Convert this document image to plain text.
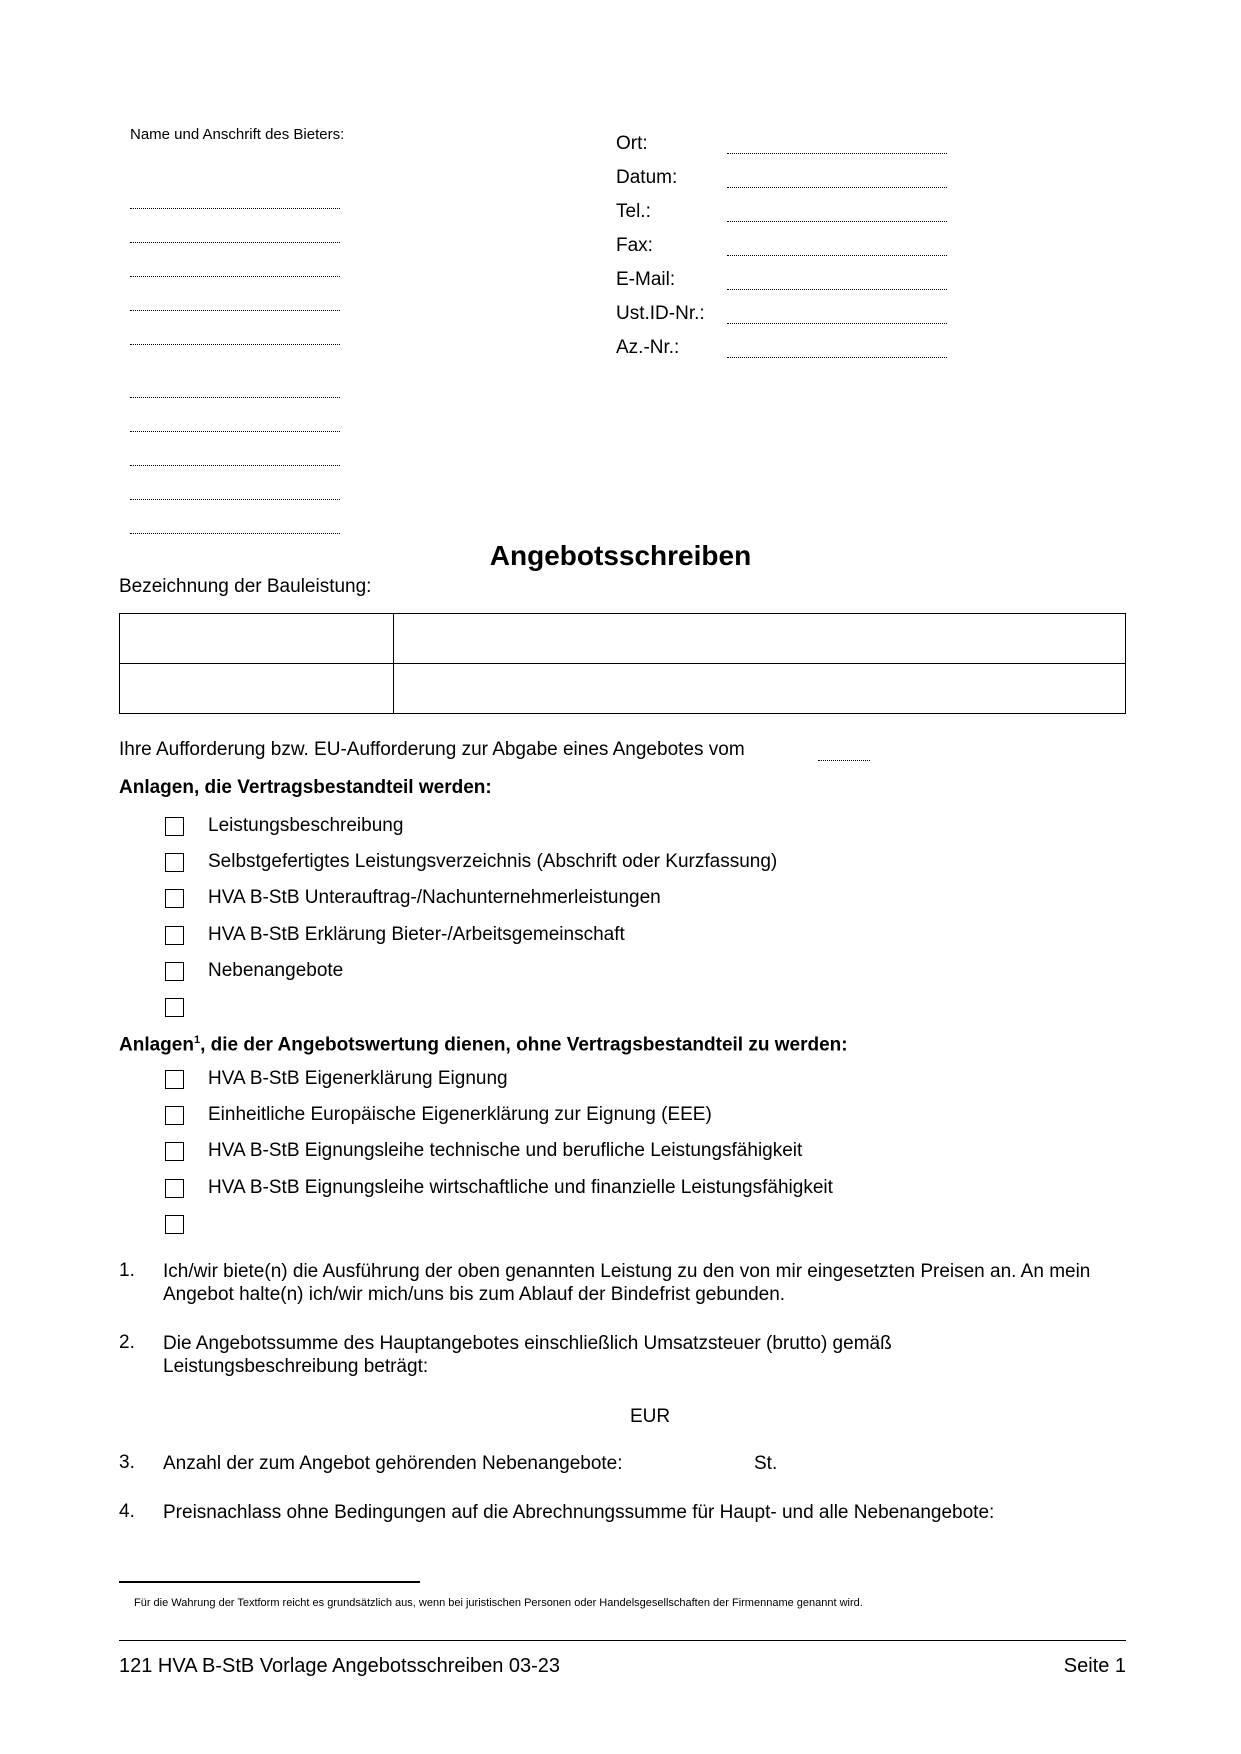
Name und Anschrift des Bieters:	Ort:
Datum:
Tel.:
Fax:
E-Mail:
Ust.ID-Nr.:
Az.-Nr.:
Angebotsschreiben
Bezeichnung der Bauleistung:

Ihre Aufforderung bzw. EU-Aufforderung zur Abgabe eines Angebotes vom
Anlagen, die Vertragsbestandteil werden:
Leistungsbeschreibung
Selbstgefertigtes Leistungsverzeichnis (Abschrift oder Kurzfassung)
HVA B-StB Unterauftrag-/Nachunternehmerleistungen
HVA B-StB Erklärung Bieter-/Arbeitsgemeinschaft
Nebenangebote
Anlagen$^1$, die der Angebotswertung dienen, ohne Vertragsbestandteil zu werden:
HVA B-StB Eigenerklärung Eignung
Einheitliche Europäische Eigenerklärung zur Eignung (EEE)
HVA B-StB Eignungsleihe technische und berufliche Leistungsfähigkeit
HVA B-StB Eignungsleihe wirtschaftliche und finanzielle Leistungsfähigkeit
1. Ich/wir biete(n) die Ausführung der oben genannten Leistung zu den von mir eingesetzten Preisen an. An mein Angebot halte(n) ich/wir mich/uns bis zum Ablauf der Bindefrist gebunden.
2. Die Angebotssumme des Hauptangebotes einschließlich Umsatzsteuer (brutto) gemäß Leistungsbeschreibung beträgt:
EUR
3. Anzahl der zum Angebot gehörenden Nebenangebote:	St.
4. Preisnachlass ohne Bedingungen auf die Abrechnungssumme für Haupt- und alle Nebenangebote:
Für die Wahrung der Textform reicht es grundsätzlich aus, wenn bei juristischen Personen oder Handelsgesellschaften der Firmenname genannt wird.
121 HVA B-StB Vorlage Angebotsschreiben 03-23	Seite 1
